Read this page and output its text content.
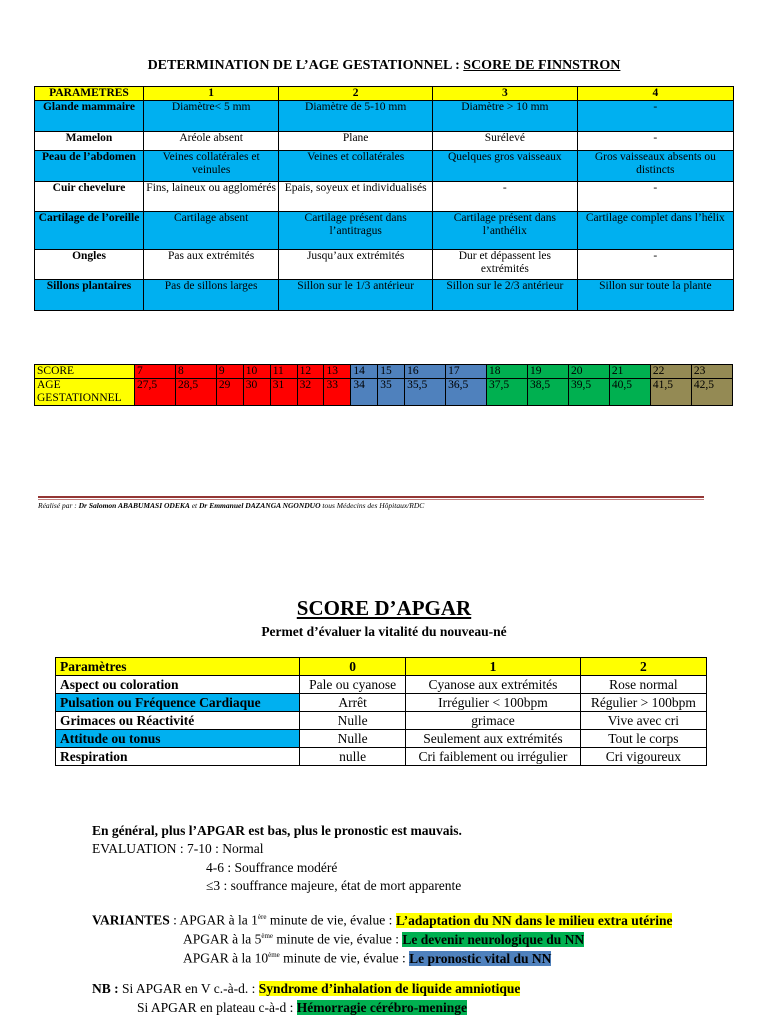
DETERMINATION DE L’AGE GESTATIONNEL : SCORE DE FINNSTRON
PARAMETRES	1	2	3	4
Glande mammaire	Diamètre< 5 mm	Diamètre de 5-10 mm	Diamètre > 10 mm	-
Mamelon	Aréole absent	Plane	Surélevé	-
Peau de l’abdomen	Veines collatérales et veinules	Veines et collatérales	Quelques gros vaisseaux	Gros vaisseaux absents ou distincts
Cuir chevelure	Fins, laineux ou agglomérés	Epais, soyeux et individualisés	-	-
Cartilage de l’oreille	Cartilage absent	Cartilage présent dans l’antitragus	Cartilage présent dans l’anthélix	Cartilage complet dans l’hélix
Ongles	Pas aux extrémités	Jusqu’aux extrémités	Dur et dépassent les extrémités	-
Sillons plantaires	Pas de sillons larges	Sillon sur le 1/3 antérieur	Sillon sur le 2/3 antérieur	Sillon sur toute la plante
SCORE	7	8	9	10	11	12	13	14	15	16	17	18	19	20	21	22	23
AGE GESTATIONNEL	27,5	28,5	29	30	31	32	33	34	35	35,5	36,5	37,5	38,5	39,5	40,5	41,5	42,5
Réalisé par : Dr Salomon ABABUMASI ODEKA et Dr Emmanuel DAZANGA NGONDUO tous Médecins des Hôpitaux/RDC
SCORE D’APGAR
Permet d’évaluer la vitalité du nouveau-né
Paramètres	0	1	2
Aspect ou coloration	Pale ou cyanose	Cyanose aux extrémités	Rose normal
Pulsation ou Fréquence Cardiaque	Arrêt	Irrégulier < 100bpm	Régulier > 100bpm
Grimaces ou Réactivité	Nulle	grimace	Vive avec cri
Attitude ou tonus	Nulle	Seulement aux extrémités	Tout le corps
Respiration	nulle	Cri faiblement ou irrégulier	Cri vigoureux
En général, plus l’APGAR est bas, plus le pronostic est mauvais.
EVALUATION : 7-10 : Normal
4-6 : Souffrance modéré
≤3 : souffrance majeure, état de mort apparente
VARIANTES : APGAR à la 1ère minute de vie, évalue : L’adaptation du NN dans le milieu extra utérine
APGAR à la 5ème minute de vie, évalue : Le devenir neurologique du NN
APGAR à la 10ème minute de vie, évalue : Le pronostic vital du NN
NB : Si APGAR en V c.-à-d. : Syndrome d’inhalation de liquide amniotique
Si APGAR en plateau c-à-d : Hémorragie cérébro-meninge
